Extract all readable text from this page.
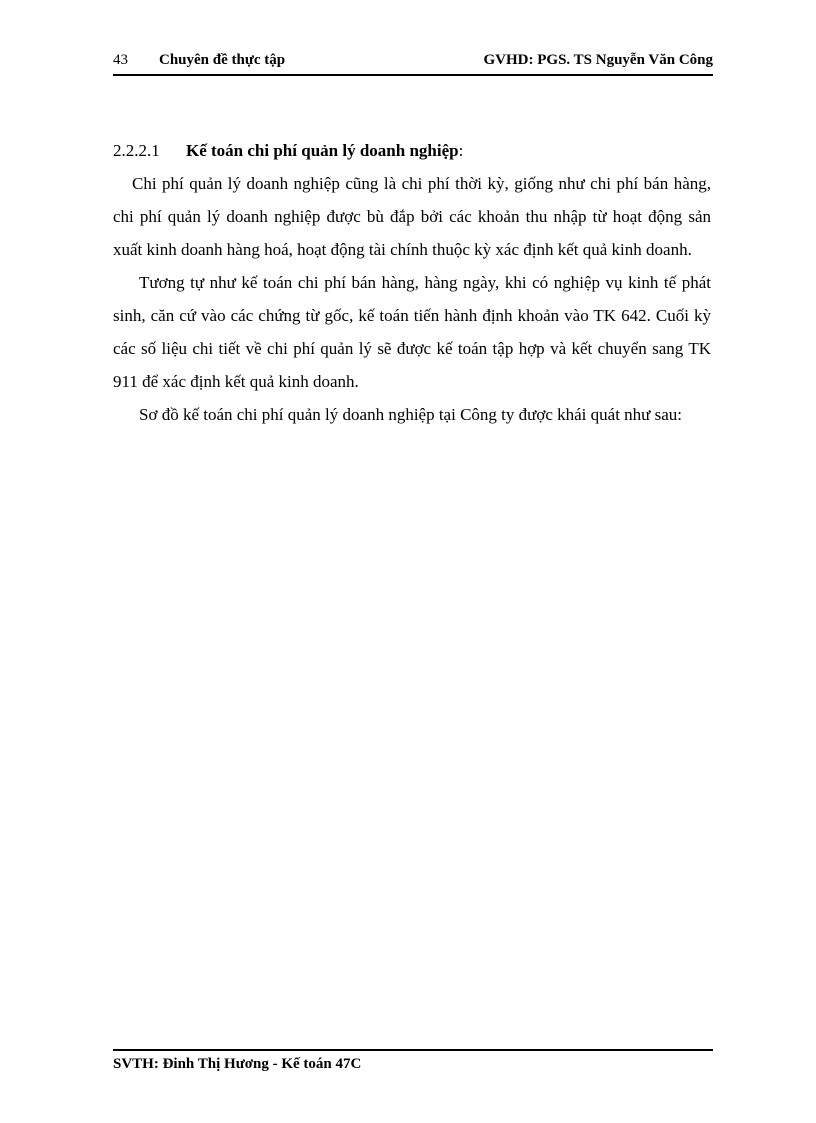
43 Chuyên đề thực tập	GVHD: PGS. TS Nguyễn Văn Công

2.2.2.1 Kế toán chi phí quản lý doanh nghiệp:

Chi phí quản lý doanh nghiệp cũng là chi phí thời kỳ, giống như chi phí bán hàng, chi phí quản lý doanh nghiệp được bù đắp bởi các khoản thu nhập từ hoạt động sản xuất kinh doanh hàng hoá, hoạt động tài chính thuộc kỳ xác định kết quả kinh doanh.

Tương tự như kế toán chi phí bán hàng, hàng ngày, khi có nghiệp vụ kinh tế phát sinh, căn cứ vào các chứng từ gốc, kế toán tiến hành định khoản vào TK 642. Cuối kỳ các số liệu chi tiết về chi phí quản lý sẽ được kế toán tập hợp và kết chuyển sang TK 911 để xác định kết quả kinh doanh.

Sơ đồ kế toán chi phí quản lý doanh nghiệp tại Công ty được khái quát như sau:

SVTH: Đinh Thị Hương - Kế toán 47C
